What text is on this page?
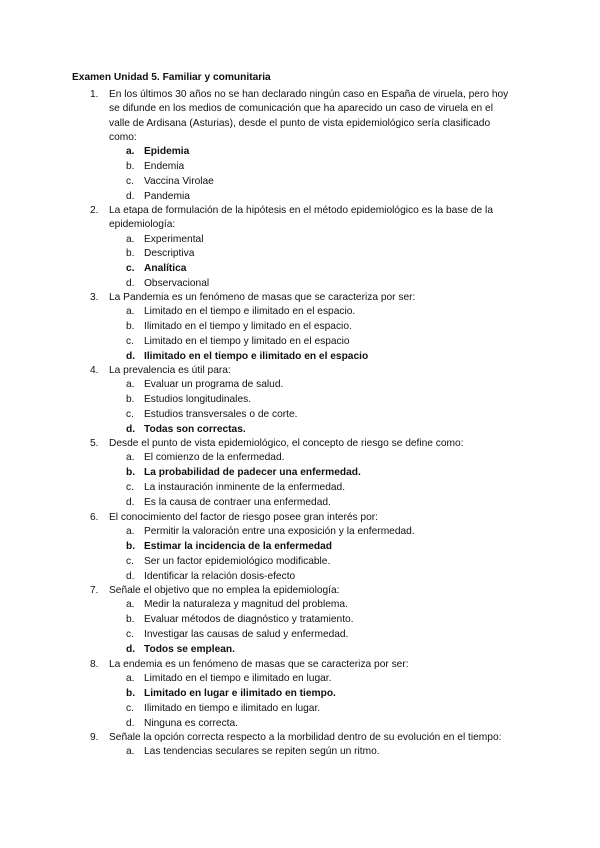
Examen Unidad 5. Familiar y comunitaria
1. En los últimos 30 años no se han declarado ningún caso en España de viruela, pero hoy se difunde en los medios de comunicación que ha aparecido un caso de viruela en el valle de Ardisana (Asturias), desde el punto de vista epidemiológico sería clasificado como:
a. Epidemia
b. Endemia
c. Vaccina Virolae
d. Pandemia
2. La etapa de formulación de la hipótesis en el método epidemiológico es la base de la epidemiología:
a. Experimental
b. Descriptiva
c. Analítica
d. Observacional
3. La Pandemia es un fenómeno de masas que se caracteriza por ser:
a. Limitado en el tiempo e ilimitado en el espacio.
b. Ilimitado en el tiempo y limitado en el espacio.
c. Limitado en el tiempo y limitado en el espacio
d. Ilimitado en el tiempo e ilimitado en el espacio
4. La prevalencia es útil para:
a. Evaluar un programa de salud.
b. Estudios longitudinales.
c. Estudios transversales o de corte.
d. Todas son correctas.
5. Desde el punto de vista epidemiológico, el concepto de riesgo se define como:
a. El comienzo de la enfermedad.
b. La probabilidad de padecer una enfermedad.
c. La instauración inminente de la enfermedad.
d. Es la causa de contraer una enfermedad.
6. El conocimiento del factor de riesgo posee gran interés por:
a. Permitir la valoración entre una exposición y la enfermedad.
b. Estimar la incidencia de la enfermedad
c. Ser un factor epidemiológico modificable.
d. Identificar la relación dosis-efecto
7. Señale el objetivo que no emplea la epidemiología:
a. Medir la naturaleza y magnitud del problema.
b. Evaluar métodos de diagnóstico y tratamiento.
c. Investigar las causas de salud y enfermedad.
d. Todos se emplean.
8. La endemia es un fenómeno de masas que se caracteriza por ser:
a. Limitado en el tiempo e ilimitado en lugar.
b. Limitado en lugar e ilimitado en tiempo.
c. Ilimitado en tiempo e ilimitado en lugar.
d. Ninguna es correcta.
9. Señale la opción correcta respecto a la morbilidad dentro de su evolución en el tiempo:
a. Las tendencias seculares se repiten según un ritmo.
